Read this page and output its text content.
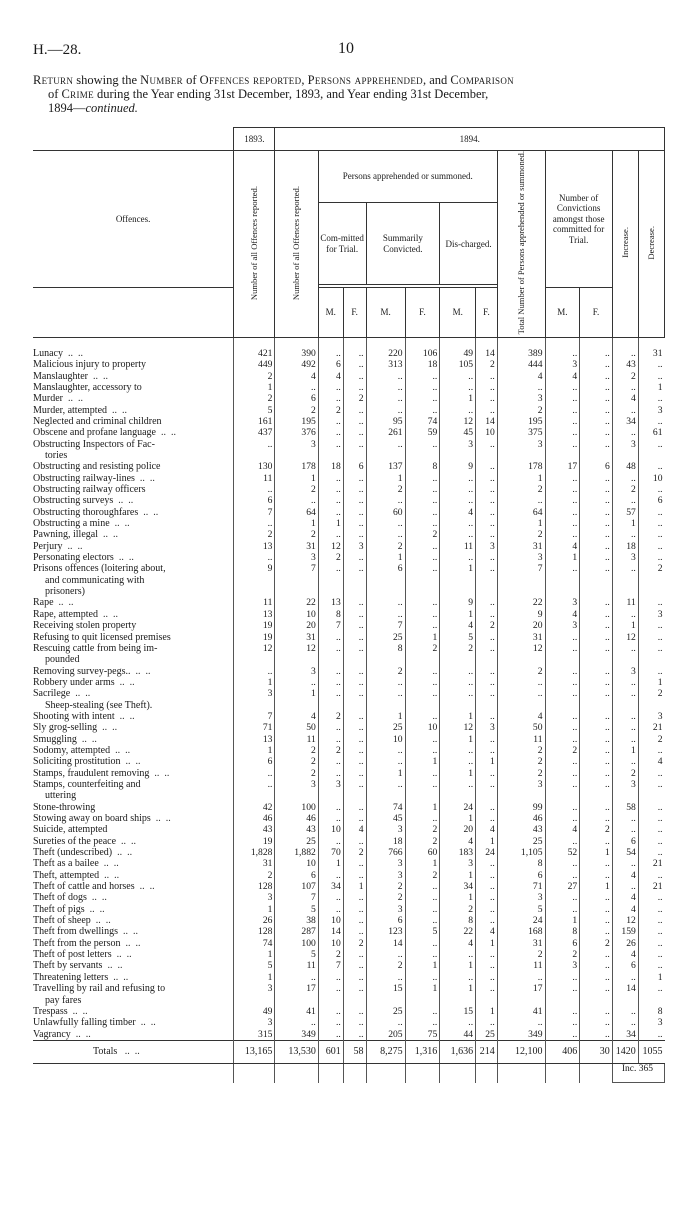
H.—28.	10
Return showing the Number of Offences reported, Persons apprehended, and Comparison
of Crime during the Year ending 31st December, 1893, and Year ending 31st December,
1894—continued.
	1893.	1894.											
Offences.	Number of all Offences reported.	Number of all Offences reported.	Persons apprehended or summoned.						Total Number of Persons apprehended or summoned.	Number of Convictions amongst those committed for Trial.		Increase.	Decrease.
			Com-mitted for Trial.		Summarily Convicted.		Dis-charged.						

			M.	F.	M.	F.	M.	F.		M.	F.		
Lunacy  ..  ..	421	390	..	..	220	106	49	14	389	..	..	..	31
Malicious injury to property	449	492	6	..	313	18	105	2	444	3	..	43	..
Manslaughter  ..  ..	2	4	4	..	..	..	..	..	4	4	..	2	..
Manslaughter, accessory to	1	..	..	..	..	..	..	..	..	..	..	..	1
Murder  ..  ..	2	6	..	2	..	..	1	..	3	..	..	4	..
Murder, attempted  ..  ..	5	2	2	..	..	..	..	..	2	..	..	..	3
Neglected and criminal children	161	195	..	..	95	74	12	14	195	..	..	34	..
Obscene and profane language  ..  ..	437	376	..	..	261	59	45	10	375	..	..	..	61
Obstructing Inspectors of Fac-	..	3	..	..	..	..	3	..	3	..	..	3	..
tories													
Obstructing and resisting police	130	178	18	6	137	8	9	..	178	17	6	48	..
Obstructing railway-lines  ..  ..	11	1	..	..	1	..	..	..	1	..	..	..	10
Obstructing railway officers	..	2	..	..	2	..	..	..	2	..	..	2	..
Obstructing surveys  ..  ..	6	..	..	..	..	..	..	..	..	..	..	..	6
Obstructing thoroughfares  ..  ..	7	64	..	..	60	..	4	..	64	..	..	57	..
Obstructing a mine  ..  ..	..	1	1	..	..	..	..	..	1	..	..	1	..
Pawning, illegal  ..  ..	2	2	..	..	..	2	..	..	2	..	..	..	..
Perjury  ..  ..	13	31	12	3	2	..	11	3	31	4	..	18	..
Personating electors  ..  ..	..	3	2	..	1	..	..	..	3	1	..	3	..
Prisons offences (loitering about,	9	7	..	..	6	..	1	..	7	..	..	..	2
and communicating with													
prisoners)													
Rape  ..  ..	11	22	13	..	..	..	9	..	22	3	..	11	..
Rape, attempted  ..  ..	13	10	8	..	..	..	1	..	9	4	..	..	3
Receiving stolen property	19	20	7	..	7	..	4	2	20	3	..	1	..
Refusing to quit licensed premises	19	31	..	..	25	1	5	..	31	..	..	12	..
Rescuing cattle from being im-	12	12	..	..	8	2	2	..	12	..	..	..	..
pounded													
Removing survey-pegs..  ..  ..	..	3	..	..	2	..	..	..	2	..	..	3	..
Robbery under arms  ..  ..	1	..	..	..	..	..	..	..	..	..	..	..	1
Sacrilege  ..  ..	3	1	..	..	..	..	..	..	..	..	..	..	2
Sheep-stealing (see Theft).													
Shooting with intent  ..  ..	7	4	2	..	1	..	1	..	4	..	..	..	3
Sly grog-selling  ..  ..	71	50	..	..	25	10	12	3	50	..	..	..	21
Smuggling  ..  ..	13	11	..	..	10	..	1	..	11	..	..	..	2
Sodomy, attempted  ..  ..	1	2	2	..	..	..	..	..	2	2	..	1	..
Soliciting prostitution  ..  ..	6	2	..	..	..	1	..	1	2	..	..	..	4
Stamps, fraudulent removing  ..  ..	..	2	..	..	1	..	1	..	2	..	..	2	..
Stamps, counterfeiting and	..	3	3	..	..	..	..	..	3	..	..	3	..
uttering													
Stone-throwing	42	100	..	..	74	1	24	..	99	..	..	58	..
Stowing away on board ships  ..  ..	46	46	..	..	45	..	1	..	46	..	..	..	..
Suicide, attempted	43	43	10	4	3	2	20	4	43	4	2	..	..
Sureties of the peace  ..  ..	19	25	..	..	18	2	4	1	25	..	..	6	..
Theft (undescribed)  ..  ..	1,828	1,882	70	2	766	60	183	24	1,105	52	1	54	..
Theft as a bailee  ..  ..	31	10	1	..	3	1	3	..	8	..	..	..	21
Theft, attempted  ..  ..	2	6	..	..	3	2	1	..	6	..	..	4	..
Theft of cattle and horses  ..  ..	128	107	34	1	2	..	34	..	71	27	1	..	21
Theft of dogs  ..  ..	3	7	..	..	2	..	1	..	3	..	..	4	..
Theft of pigs  ..  ..	1	5	..	..	3	..	2	..	5	..	..	4	..
Theft of sheep  ..  ..	26	38	10	..	6	..	8	..	24	1	..	12	..
Theft from dwellings  ..  ..	128	287	14	..	123	5	22	4	168	8	..	159	..
Theft from the person  ..  ..	74	100	10	2	14	..	4	1	31	6	2	26	..
Theft of post letters  ..  ..	1	5	2	..	..	..	..	..	2	2	..	4	..
Theft by servants  ..  ..	5	11	7	..	2	1	1	..	11	3	..	6	..
Threatening letters  ..  ..	1	..	..	..	..	..	..	..	..	..	..	..	1
Travelling by rail and refusing to	3	17	..	..	15	1	1	..	17	..	..	14	..
pay fares													
Trespass  ..  ..	49	41	..	..	25	..	15	1	41	..	..	..	8
Unlawfully falling timber  ..  ..	3	..	..	..	..	..	..	..	..	..	..	..	3
Vagrancy  ..  ..	315	349	..	..	205	75	44	25	349	..	..	34	..
Totals   ..  ..	13,165	13,530	601	58	8,275	1,316	1,636	214	12,100	406	30	1420	1055
												Inc. 365	
